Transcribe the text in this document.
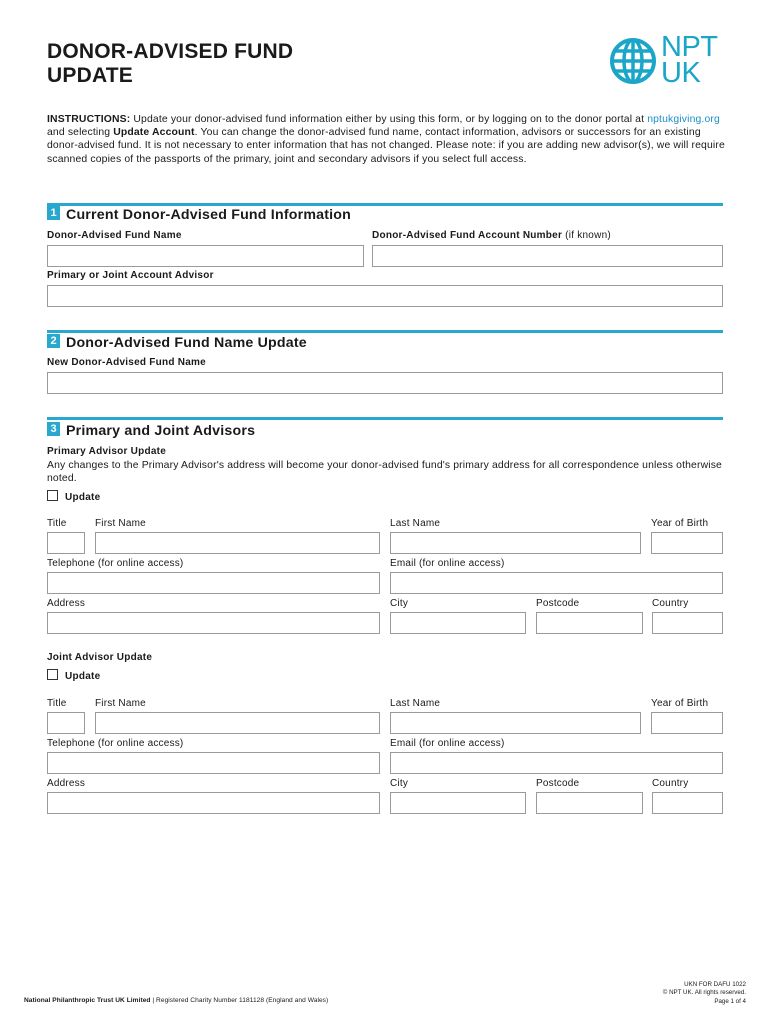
DONOR-ADVISED FUND
UPDATE
NPT
UK
INSTRUCTIONS: Update your donor-advised fund information either by using this form, or by logging on to the donor portal at nptukgiving.org and selecting Update Account. You can change the donor-advised fund name, contact information, advisors or successors for an existing donor-advised fund. It is not necessary to enter information that has not changed. Please note: if you are adding new advisor(s), we will require scanned copies of the passports of the primary, joint and secondary advisors if you select full access.
1 Current Donor-Advised Fund Information
Donor-Advised Fund Name	Donor-Advised Fund Account Number (if known)
Primary or Joint Account Advisor
2 Donor-Advised Fund Name Update
New Donor-Advised Fund Name
3 Primary and Joint Advisors
Primary Advisor Update
Any changes to the Primary Advisor's address will become your donor-advised fund's primary address for all correspondence unless otherwise noted.
Update
Title	First Name	Last Name	Year of Birth
Telephone (for online access)	Email (for online access)
Address	City	Postcode	Country
Joint Advisor Update
Update
Title	First Name	Last Name	Year of Birth
Telephone (for online access)	Email (for online access)
Address	City	Postcode	Country
National Philanthropic Trust UK Limited | Registered Charity Number 1181128 (England and Wales)
UKN FOR DAFU 1022
© NPT UK. All rights reserved.
Page 1 of 4
